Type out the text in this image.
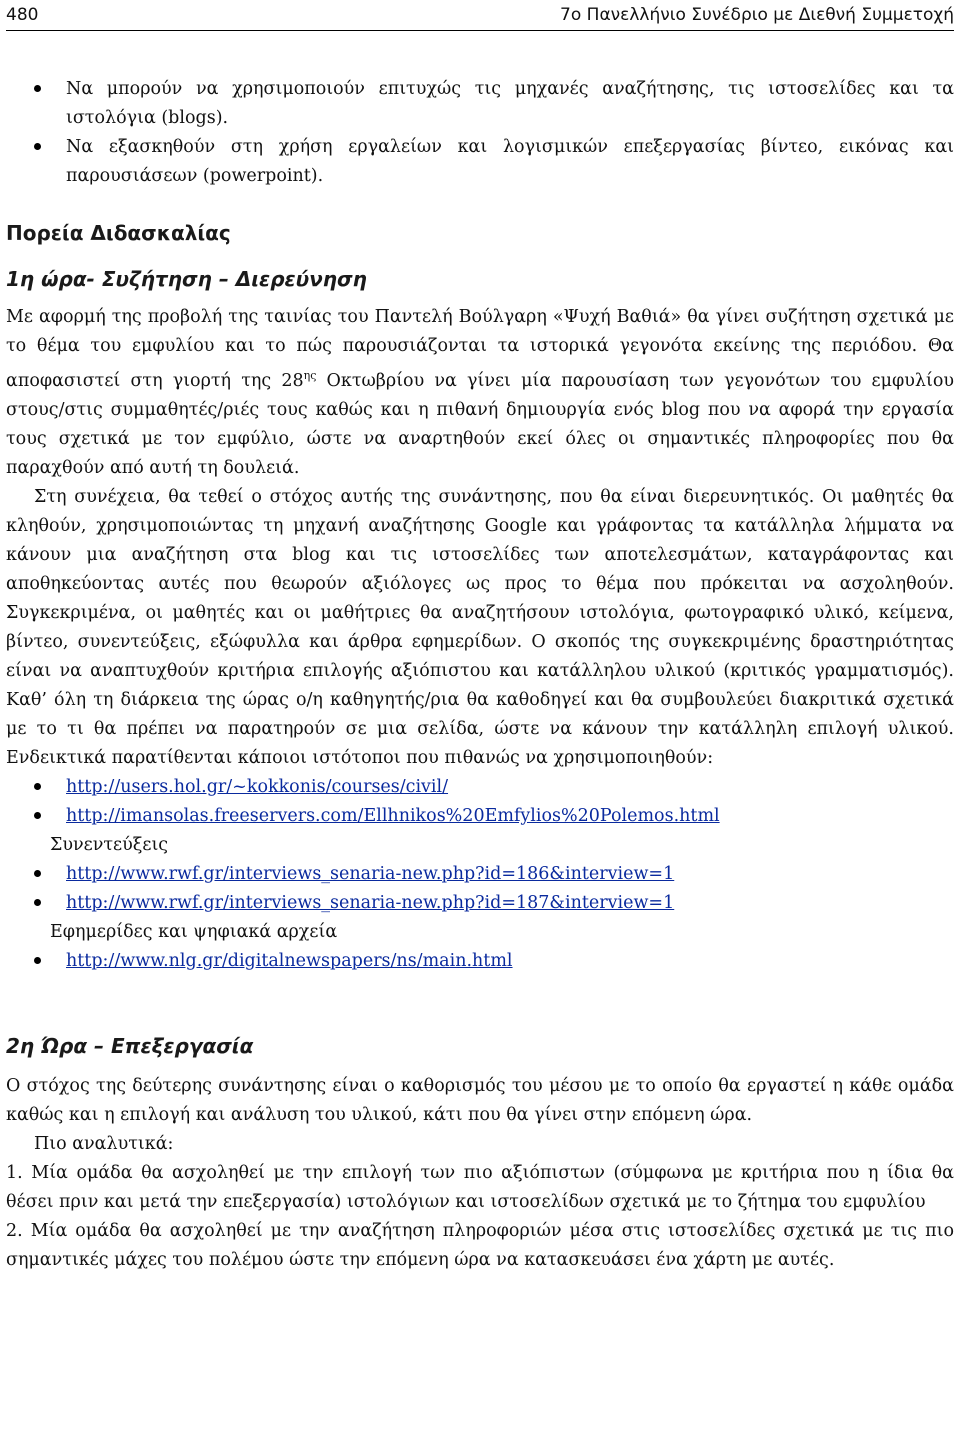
480	7ο Πανελλήνιο Συνέδριο με Διεθνή Συμμετοχή
Να μπορούν να χρησιμοποιούν επιτυχώς τις μηχανές αναζήτησης, τις ιστοσελίδες και τα ιστολόγια (blogs).
Να εξασκηθούν στη χρήση εργαλείων και λογισμικών επεξεργασίας βίντεο, εικόνας και παρουσιάσεων (powerpoint).
Πορεία Διδασκαλίας
1η ώρα- Συζήτηση – Διερεύνηση
Με αφορμή της προβολή της ταινίας του Παντελή Βούλγαρη «Ψυχή Βαθιά» θα γίνει συζήτηση σχετικά με το θέμα του εμφυλίου και το πώς παρουσιάζονται τα ιστορικά γεγονότα εκείνης της περιόδου. Θα αποφασιστεί στη γιορτή της $28^{\eta\varsigma}$ Οκτωβρίου να γίνει μία παρουσίαση των γεγονότων του εμφυλίου στους/στις συμμαθητές/ριές τους καθώς και η πιθανή δημιουργία ενός blog που να αφορά την εργασία τους σχετικά με τον εμφύλιο, ώστε να αναρτηθούν εκεί όλες οι σημαντικές πληροφορίες που θα παραχθούν από αυτή τη δουλειά.
Στη συνέχεια, θα τεθεί ο στόχος αυτής της συνάντησης, που θα είναι διερευνητικός. Οι μαθητές θα κληθούν, χρησιμοποιώντας τη μηχανή αναζήτησης Google και γράφοντας τα κατάλληλα λήμματα να κάνουν μια αναζήτηση στα blog και τις ιστοσελίδες των αποτελεσμάτων, καταγράφοντας και αποθηκεύοντας αυτές που θεωρούν αξιόλογες ως προς το θέμα που πρόκειται να ασχοληθούν. Συγκεκριμένα, οι μαθητές και οι μαθήτριες θα αναζητήσουν ιστολόγια, φωτογραφικό υλικό, κείμενα, βίντεο, συνεντεύξεις, εξώφυλλα και άρθρα εφημερίδων. Ο σκοπός της συγκεκριμένης δραστηριότητας είναι να αναπτυχθούν κριτήρια επιλογής αξιόπιστου και κατάλληλου υλικού (κριτικός γραμματισμός). Καθ’ όλη τη διάρκεια της ώρας ο/η καθηγητής/ρια θα καθοδηγεί και θα συμβουλεύει διακριτικά σχετικά με το τι θα πρέπει να παρατηρούν σε μια σελίδα, ώστε να κάνουν την κατάλληλη επιλογή υλικού. Ενδεικτικά παρατίθενται κάποιοι ιστότοποι που πιθανώς να χρησιμοποιηθούν:
http://users.hol.gr/~kokkonis/courses/civil/
http://imansolas.freeservers.com/Ellhnikos%20Emfylios%20Polemos.html
Συνεντεύξεις
http://www.rwf.gr/interviews_senaria-new.php?id=186&interview=1
http://www.rwf.gr/interviews_senaria-new.php?id=187&interview=1
Εφημερίδες και ψηφιακά αρχεία
http://www.nlg.gr/digitalnewspapers/ns/main.html
2η Ώρα – Επεξεργασία
Ο στόχος της δεύτερης συνάντησης είναι ο καθορισμός του μέσου με το οποίο θα εργαστεί η κάθε ομάδα καθώς και η επιλογή και ανάλυση του υλικού, κάτι που θα γίνει στην επόμενη ώρα.
Πιο αναλυτικά:
1. Μία ομάδα θα ασχοληθεί με την επιλογή των πιο αξιόπιστων (σύμφωνα με κριτήρια που η ίδια θα θέσει πριν και μετά την επεξεργασία) ιστολόγιων και ιστοσελίδων σχετικά με το ζήτημα του εμφυλίου
2. Μία ομάδα θα ασχοληθεί με την αναζήτηση πληροφοριών μέσα στις ιστοσελίδες σχετικά με τις πιο σημαντικές μάχες του πολέμου ώστε την επόμενη ώρα να κατασκευάσει ένα χάρτη με αυτές.
